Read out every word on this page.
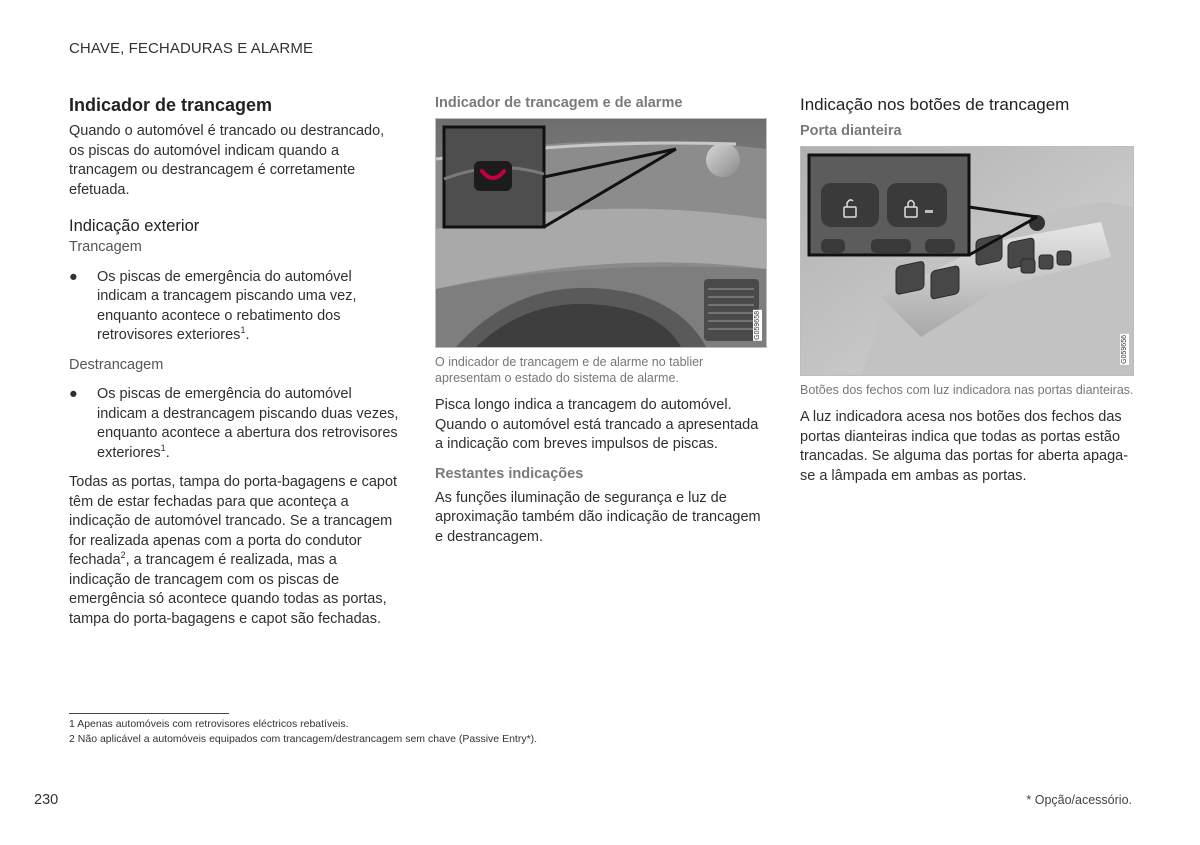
CHAVE, FECHADURAS E ALARME
Indicador de trancagem

Quando o automóvel é trancado ou destrancado, os piscas do automóvel indicam quando a trancagem ou destrancagem é corretamente efetuada.

Indicação exterior
Trancagem
●	Os piscas de emergência do automóvel indicam a trancagem piscando uma vez, enquanto acontece o rebatimento dos retrovisores exteriores$^1$.
Destrancagem
●	Os piscas de emergência do automóvel indicam a destrancagem piscando duas vezes, enquanto acontece a abertura dos retrovisores exteriores$^1$.

Todas as portas, tampa do porta-bagagens e capot têm de estar fechadas para que aconteça a indicação de automóvel trancado. Se a trancagem for realizada apenas com a porta do condutor fechada$^2$, a trancagem é realizada, mas a indicação de trancagem com os piscas de emergência só acontece quando todas as portas, tampa do porta-bagagens e capot são fechadas.

Indicador de trancagem e de alarme
G059658
O indicador de trancagem e de alarme no tablier apresentam o estado do sistema de alarme.

Pisca longo indica a trancagem do automóvel. Quando o automóvel está trancado a apresentada a indicação com breves impulsos de piscas.

Restantes indicações

As funções iluminação de segurança e luz de aproximação também dão indicação de trancagem e destrancagem.

Indicação nos botões de trancagem
Porta dianteira
G059656
Botões dos fechos com luz indicadora nas portas dianteiras.

A luz indicadora acesa nos botões dos fechos das portas dianteiras indica que todas as portas estão trancadas. Se alguma das portas for aberta apaga-se a lâmpada em ambas as portas.

1 Apenas automóveis com retrovisores eléctricos rebatíveis.
2 Não aplicável a automóveis equipados com trancagem/destrancagem sem chave (Passive Entry*).
230	* Opção/acessório.
